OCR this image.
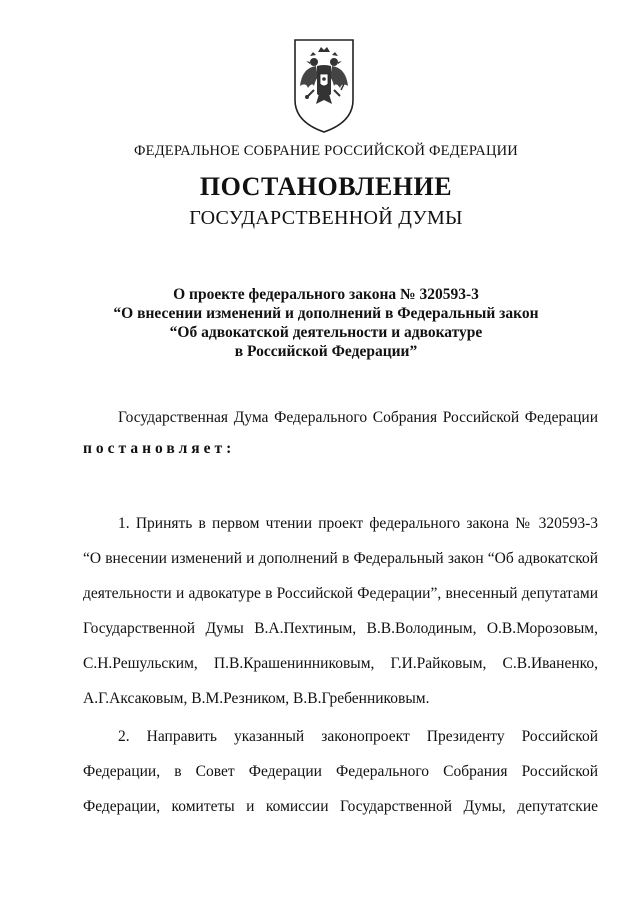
ФЕДЕРАЛЬНОЕ СОБРАНИЕ РОССИЙСКОЙ ФЕДЕРАЦИИ
ПОСТАНОВЛЕНИЕ
ГОСУДАРСТВЕННОЙ ДУМЫ
О проекте федерального закона № 320593-3
“О внесении изменений и дополнений в Федеральный закон
“Об адвокатской деятельности и адвокатуре
в Российской Федерации”
Государственная Дума Федерального Собрания Российской Федерации
постановляет:
1. Принять в первом чтении проект федерального закона № 320593-3
“О внесении изменений и дополнений в Федеральный закон “Об адвокатской
деятельности и адвокатуре в Российской Федерации”, внесенный депутатами
Государственной Думы В.А.Пехтиным, В.В.Володиным, О.В.Морозовым,
С.Н.Решульским, П.В.Крашенинниковым, Г.И.Райковым, С.В.Иваненко,
А.Г.Аксаковым, В.М.Резником, В.В.Гребенниковым.
2. Направить указанный законопроект Президенту Российской
Федерации, в Совет Федерации Федерального Собрания Российской
Федерации, комитеты и комиссии Государственной Думы, депутатские
